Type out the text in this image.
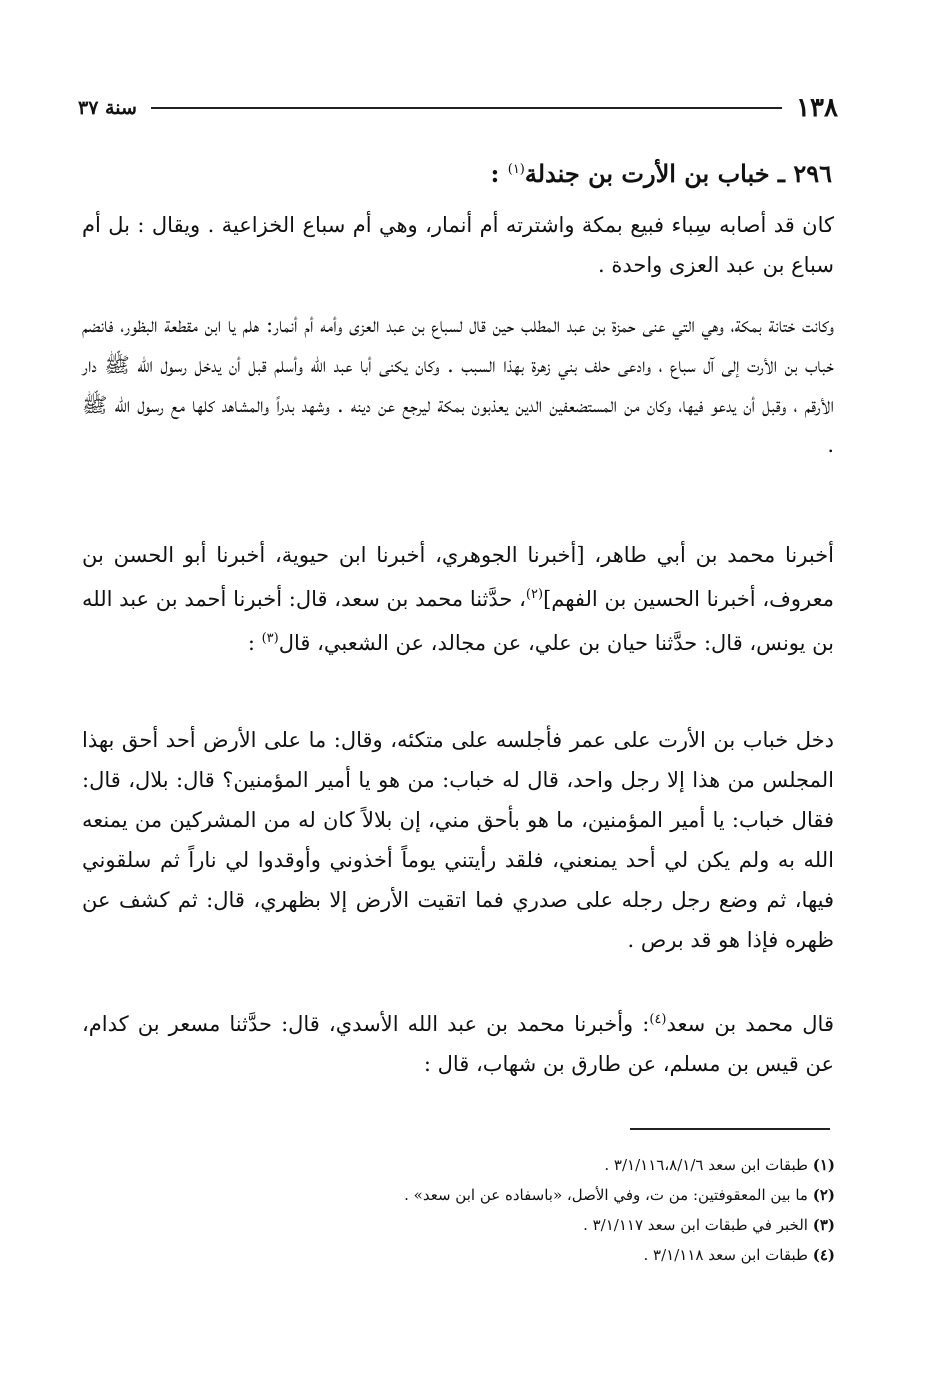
١٣٨
سنة ٣٧
٢٩٦ ـ خباب بن الأرت بن جندلة$^{(١)}$ :

كان قد أصابه سِباء فبيع بمكة واشترته أم أنمار، وهي أم سباع الخزاعية . ويقال : بل أم سباع بن عبد العزى واحدة .

وكانت ختانة بمكة، وهي التي عنى حمزة بن عبد المطلب حين قال لسباع بن عبد العزى وأمه أم أنمار: هلم يا ابن مقطعة البظور، فانضم خباب بن الأرت إلى آل سباع ، وادعى حلف بني زهرة بهذا السبب . وكان يكنى أبا عبد الله وأسلم قبل أن يدخل رسول الله ﷺ دار الأرقم ، وقبل أن يدعو فيها، وكان من المستضعفين الدين يعذبون بمكة ليرجع عن دينه . وشهد بدراً والمشاهد كلها مع رسول الله ﷺ .

أخبرنا محمد بن أبي طاهر، [أخبرنا الجوهري، أخبرنا ابن حيوية، أخبرنا أبو الحسن بن معروف، أخبرنا الحسين بن الفهم]$^{(٢)}$، حدَّثنا محمد بن سعد، قال: أخبرنا أحمد بن عبد الله بن يونس، قال: حدَّثنا حيان بن علي، عن مجالد، عن الشعبي، قال$^{(٣)}$ :

دخل خباب بن الأرت على عمر فأجلسه على متكئه، وقال: ما على الأرض أحد أحق بهذا المجلس من هذا إلا رجل واحد، قال له خباب: من هو يا أمير المؤمنين؟ قال: بلال، قال: فقال خباب: يا أمير المؤمنين، ما هو بأحق مني، إن بلالاً كان له من المشركين من يمنعه الله به ولم يكن لي أحد يمنعني، فلقد رأيتني يوماً أخذوني وأوقدوا لي ناراً ثم سلقوني فيها، ثم وضع رجل رجله على صدري فما اتقيت الأرض إلا بظهري، قال: ثم كشف عن ظهره فإذا هو قد برص .

قال محمد بن سعد$^{(٤)}$: وأخبرنا محمد بن عبد الله الأسدي، قال: حدَّثنا مسعر بن كدام، عن قيس بن مسلم، عن طارق بن شهاب، قال :

(١) طبقات ابن سعد ٣/١/١١٦،٨/١/٦ .
(٢) ما بين المعقوفتين: من ت، وفي الأصل، «باسفاده عن ابن سعد» .
(٣) الخبر في طبقات ابن سعد ٣/١/١١٧ .
(٤) طبقات ابن سعد ٣/١/١١٨ .
